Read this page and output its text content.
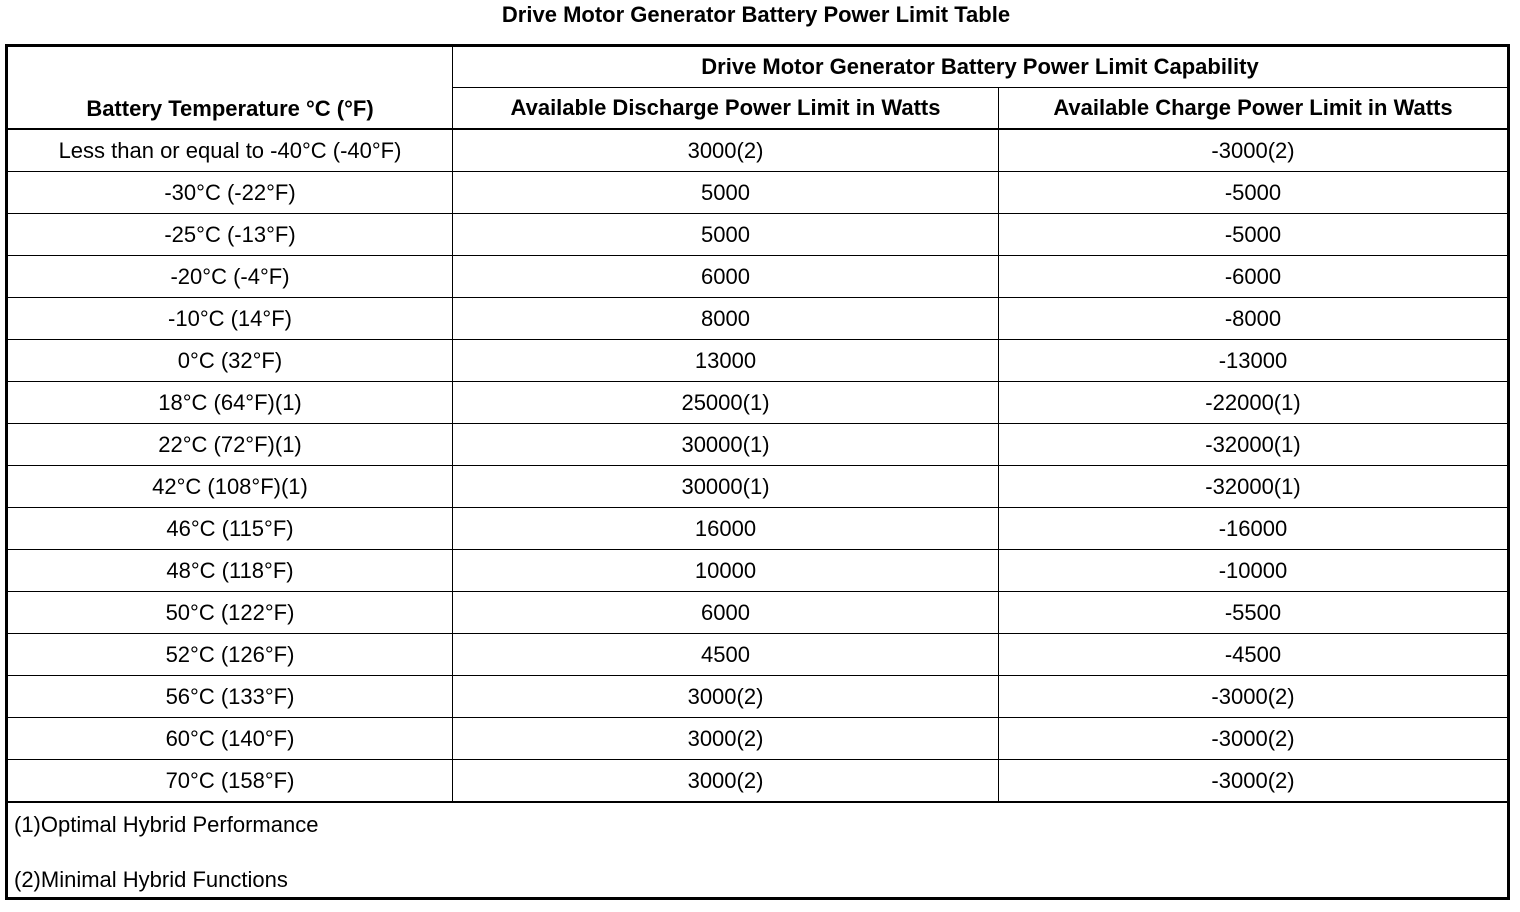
Drive Motor Generator Battery Power Limit Table
Battery Temperature °C (°F)	Drive Motor Generator Battery Power Limit Capability	
	Available Discharge Power Limit in Watts	Available Charge Power Limit in Watts
Less than or equal to -40°C (-40°F)	3000(2)	-3000(2)
-30°C (-22°F)	5000	-5000
-25°C (-13°F)	5000	-5000
-20°C (-4°F)	6000	-6000
-10°C (14°F)	8000	-8000
0°C (32°F)	13000	-13000
18°C (64°F)(1)	25000(1)	-22000(1)
22°C (72°F)(1)	30000(1)	-32000(1)
42°C (108°F)(1)	30000(1)	-32000(1)
46°C (115°F)	16000	-16000
48°C (118°F)	10000	-10000
50°C (122°F)	6000	-5500
52°C (126°F)	4500	-4500
56°C (133°F)	3000(2)	-3000(2)
60°C (140°F)	3000(2)	-3000(2)
70°C (158°F)	3000(2)	-3000(2)

(1)Optimal Hybrid Performance
(2)Minimal Hybrid Functions		
